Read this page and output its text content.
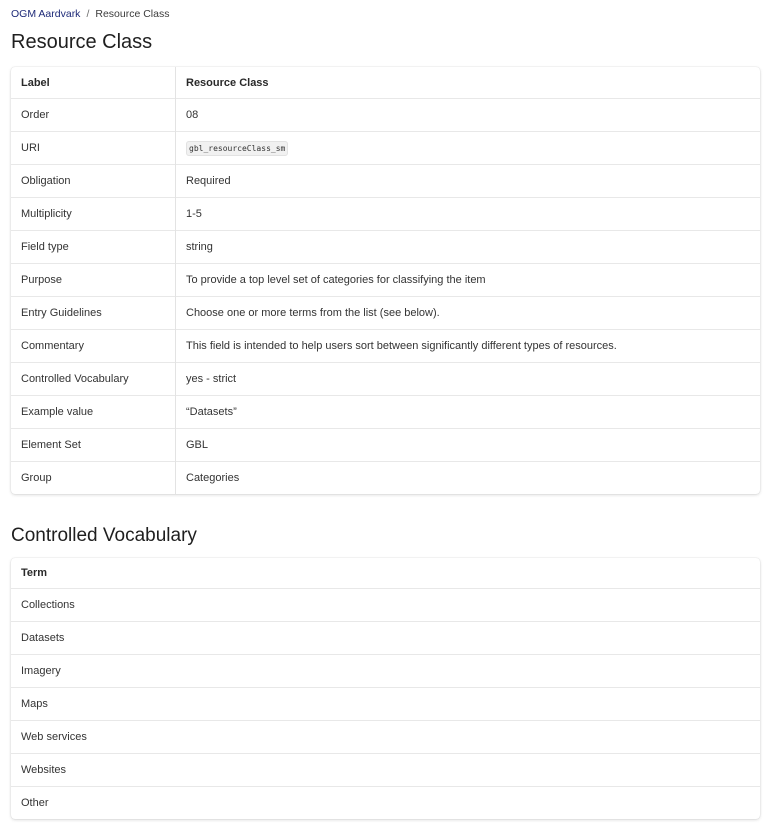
OGM Aardvark / Resource Class
Resource Class
Label	Resource Class
Order	08
URI	gbl_resourceClass_sm
Obligation	Required
Multiplicity	1-5
Field type	string
Purpose	To provide a top level set of categories for classifying the item
Entry Guidelines	Choose one or more terms from the list (see below).
Commentary	This field is intended to help users sort between significantly different types of resources.
Controlled Vocabulary	yes - strict
Example value	“Datasets”
Element Set	GBL
Group	Categories
Controlled Vocabulary
Term
Collections
Datasets
Imagery
Maps
Web services
Websites
Other
